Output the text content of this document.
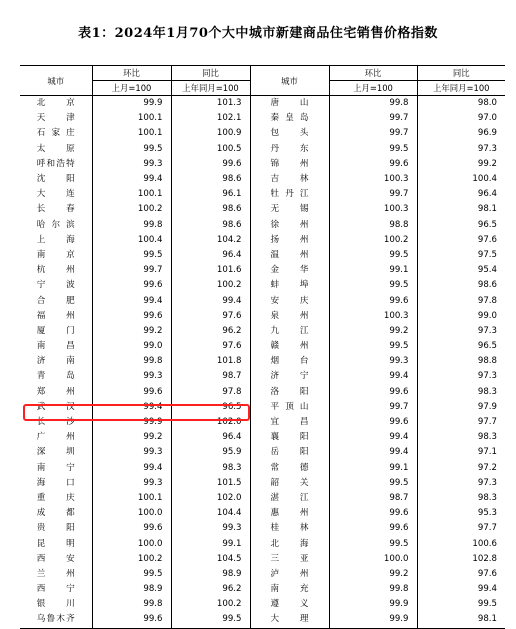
表1：2024年1月70个大中城市新建商品住宅销售价格指数
城市	环比	同比	城市	环比	同比
	上月=100	上年同月=100		上月=100	上年同月=100
北 京	99.9	101.3	唐 山	99.8	98.0
天 津	100.1	102.1	秦皇岛	99.7	97.0
石家庄	100.1	100.9	包 头	99.7	96.9
太 原	99.5	100.5	丹 东	99.5	97.3
呼和浩特	99.3	99.6	锦 州	99.6	99.2
沈 阳	99.4	98.6	吉 林	100.3	100.4
大 连	100.1	96.1	牡丹江	99.7	96.4
长 春	100.2	98.6	无 锡	100.3	98.1
哈尔滨	99.8	98.6	徐 州	98.8	96.5
上 海	100.4	104.2	扬 州	100.2	97.6
南 京	99.5	96.4	温 州	99.5	97.5
杭 州	99.7	101.6	金 华	99.1	95.4
宁 波	99.6	100.2	蚌 埠	99.5	98.6
合 肥	99.4	99.4	安 庆	99.6	97.8
福 州	99.6	97.6	泉 州	100.3	99.0
厦 门	99.2	96.2	九 江	99.2	97.3
南 昌	99.0	97.6	赣 州	99.5	96.5
济 南	99.8	101.8	烟 台	99.3	98.8
青 岛	99.3	98.7	济 宁	99.4	97.3
郑 州	99.6	97.8	洛 阳	99.6	98.3
武 汉	99.4	96.5	平顶山	99.7	97.9
长 沙	99.9	102.0	宜 昌	99.6	97.7
广 州	99.2	96.4	襄 阳	99.4	98.3
深 圳	99.3	95.9	岳 阳	99.4	97.1
南 宁	99.4	98.3	常 德	99.1	97.2
海 口	99.3	101.5	韶 关	99.5	97.3
重 庆	100.1	102.0	湛 江	98.7	98.3
成 都	100.0	104.4	惠 州	99.6	95.3
贵 阳	99.6	99.3	桂 林	99.6	97.7
昆 明	100.0	99.1	北 海	99.5	100.6
西 安	100.2	104.5	三 亚	100.0	102.8
兰 州	99.5	98.9	泸 州	99.2	97.6
西 宁	98.9	96.2	南 充	99.8	99.4
银 川	99.8	100.2	遵 义	99.9	99.5
乌鲁木齐	99.6	99.5	大 理	99.9	98.1
